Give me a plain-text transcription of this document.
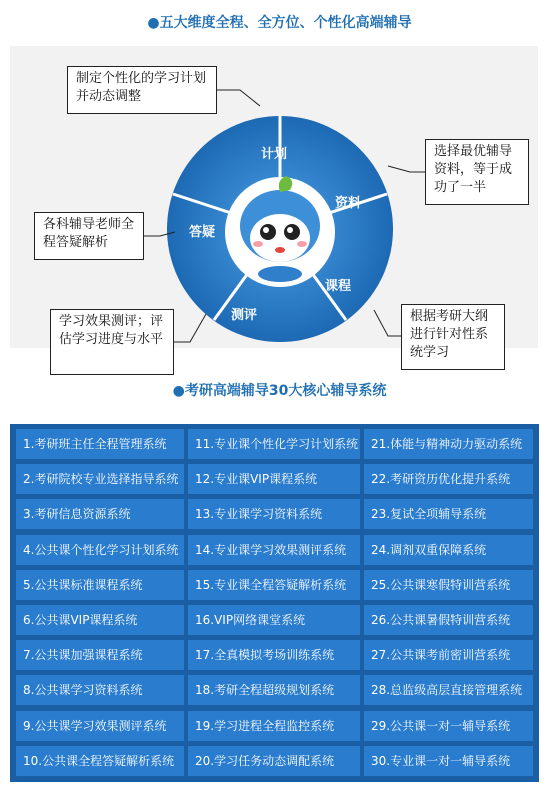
●五大维度全程、全方位、个性化高端辅导
计划
资料
课程
测评
答疑
制定个性化的学习计划并动态调整
选择最优辅导资料，等于成功了一半
各科辅导老师全程答疑解析
根据考研大纲进行针对性系统学习
学习效果测评；评估学习进度与水平
●考研高端辅导30大核心辅导系统
1.考研班主任全程管理系统	11.专业课个性化学习计划系统	21.体能与精神动力驱动系统
2.考研院校专业选择指导系统	12.专业课VIP课程系统	22.考研资历优化提升系统
3.考研信息资源系统	13.专业课学习资料系统	23.复试全项辅导系统
4.公共课个性化学习计划系统	14.专业课学习效果测评系统	24.调剂双重保障系统
5.公共课标准课程系统	15.专业课全程答疑解析系统	25.公共课寒假特训营系统
6.公共课VIP课程系统	16.VIP网络课堂系统	26.公共课暑假特训营系统
7.公共课加强课程系统	17.全真模拟考场训练系统	27.公共课考前密训营系统
8.公共课学习资料系统	18.考研全程超级规划系统	28.总监级高层直接管理系统
9.公共课学习效果测评系统	19.学习进程全程监控系统	29.公共课一对一辅导系统
10.公共课全程答疑解析系统	20.学习任务动态调配系统	30.专业课一对一辅导系统
